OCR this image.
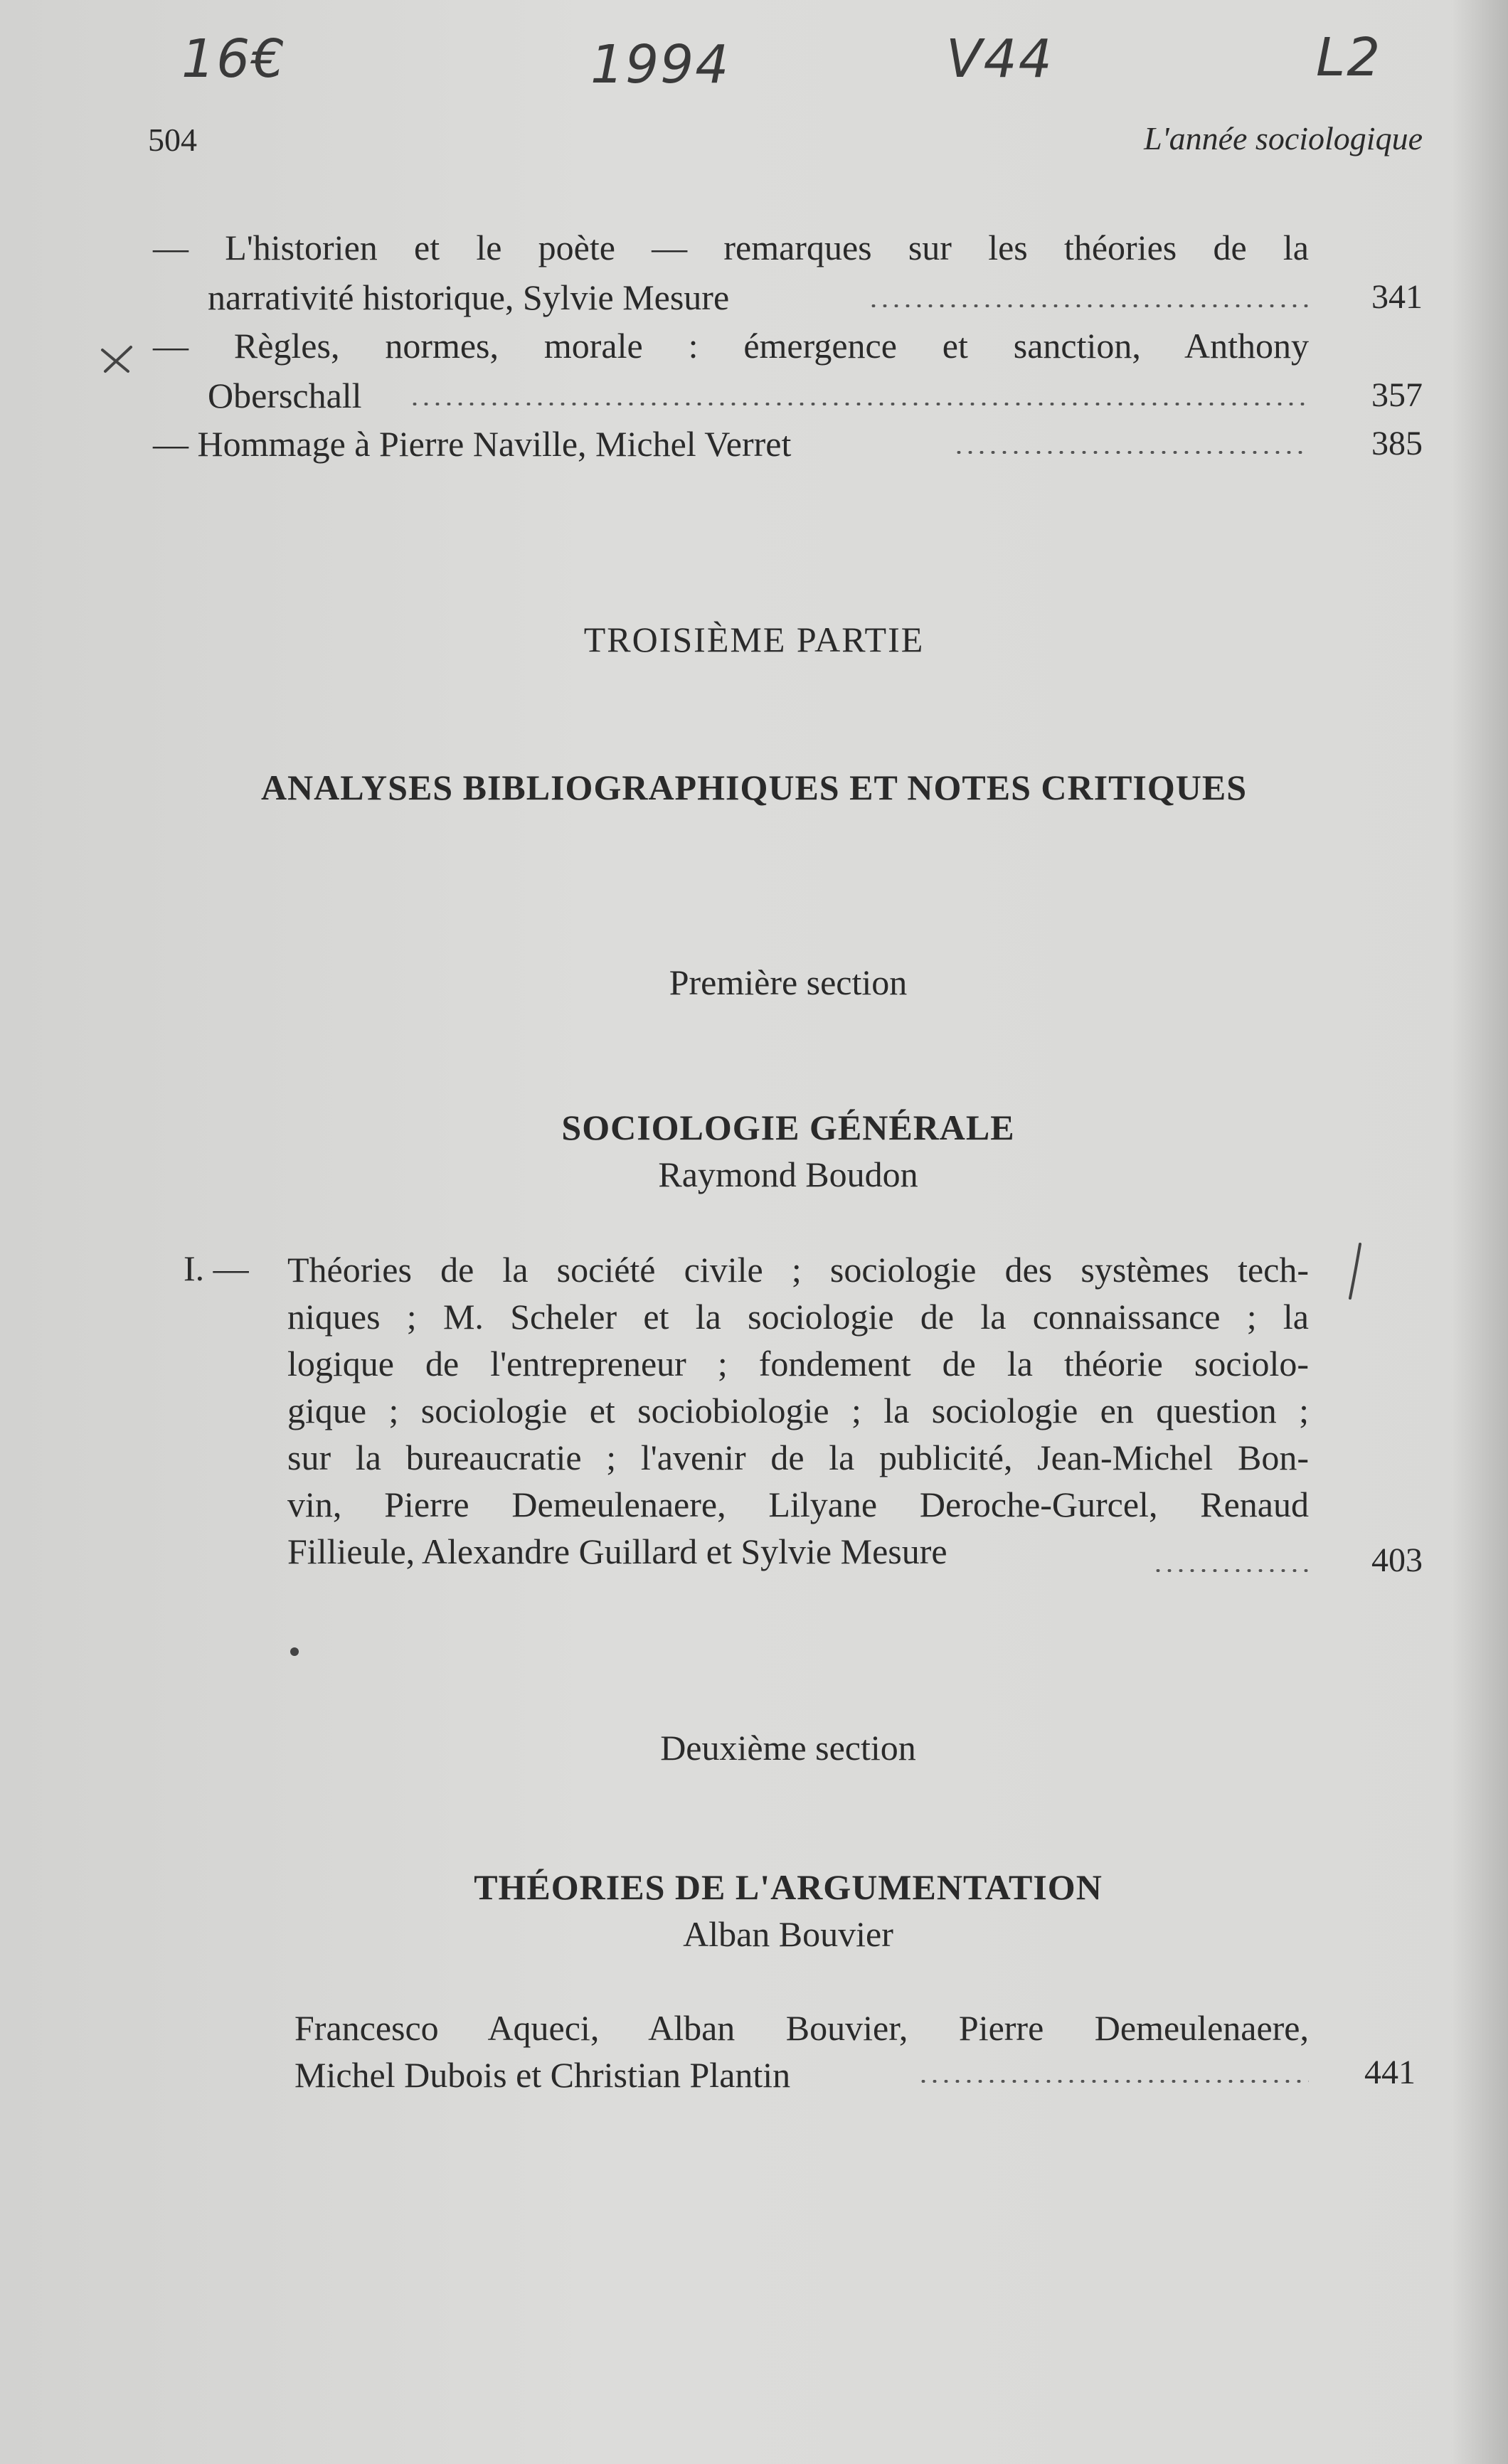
16€	1994	V44	L2
504	L'année sociologique
— L'historien et le poète — remarques sur les théories de la
narrativité historique, Sylvie Mesure	341
— Règles, normes, morale : émergence et sanction, Anthony
Oberschall	357
— Hommage à Pierre Naville, Michel Verret	385
TROISIÈME PARTIE
ANALYSES BIBLIOGRAPHIQUES ET NOTES CRITIQUES
Première section
SOCIOLOGIE GÉNÉRALE
Raymond Boudon
I. — Théories de la société civile ; sociologie des systèmes tech-
niques ; M. Scheler et la sociologie de la connaissance ; la
logique de l'entrepreneur ; fondement de la théorie sociolo-
gique ; sociologie et sociobiologie ; la sociologie en question ;
sur la bureaucratie ; l'avenir de la publicité, Jean-Michel Bon-
vin, Pierre Demeulenaere, Lilyane Deroche-Gurcel, Renaud
Fillieule, Alexandre Guillard et Sylvie Mesure	403
Deuxième section
THÉORIES DE L'ARGUMENTATION
Alban Bouvier
Francesco Aqueci, Alban Bouvier, Pierre Demeulenaere,
Michel Dubois et Christian Plantin	441
